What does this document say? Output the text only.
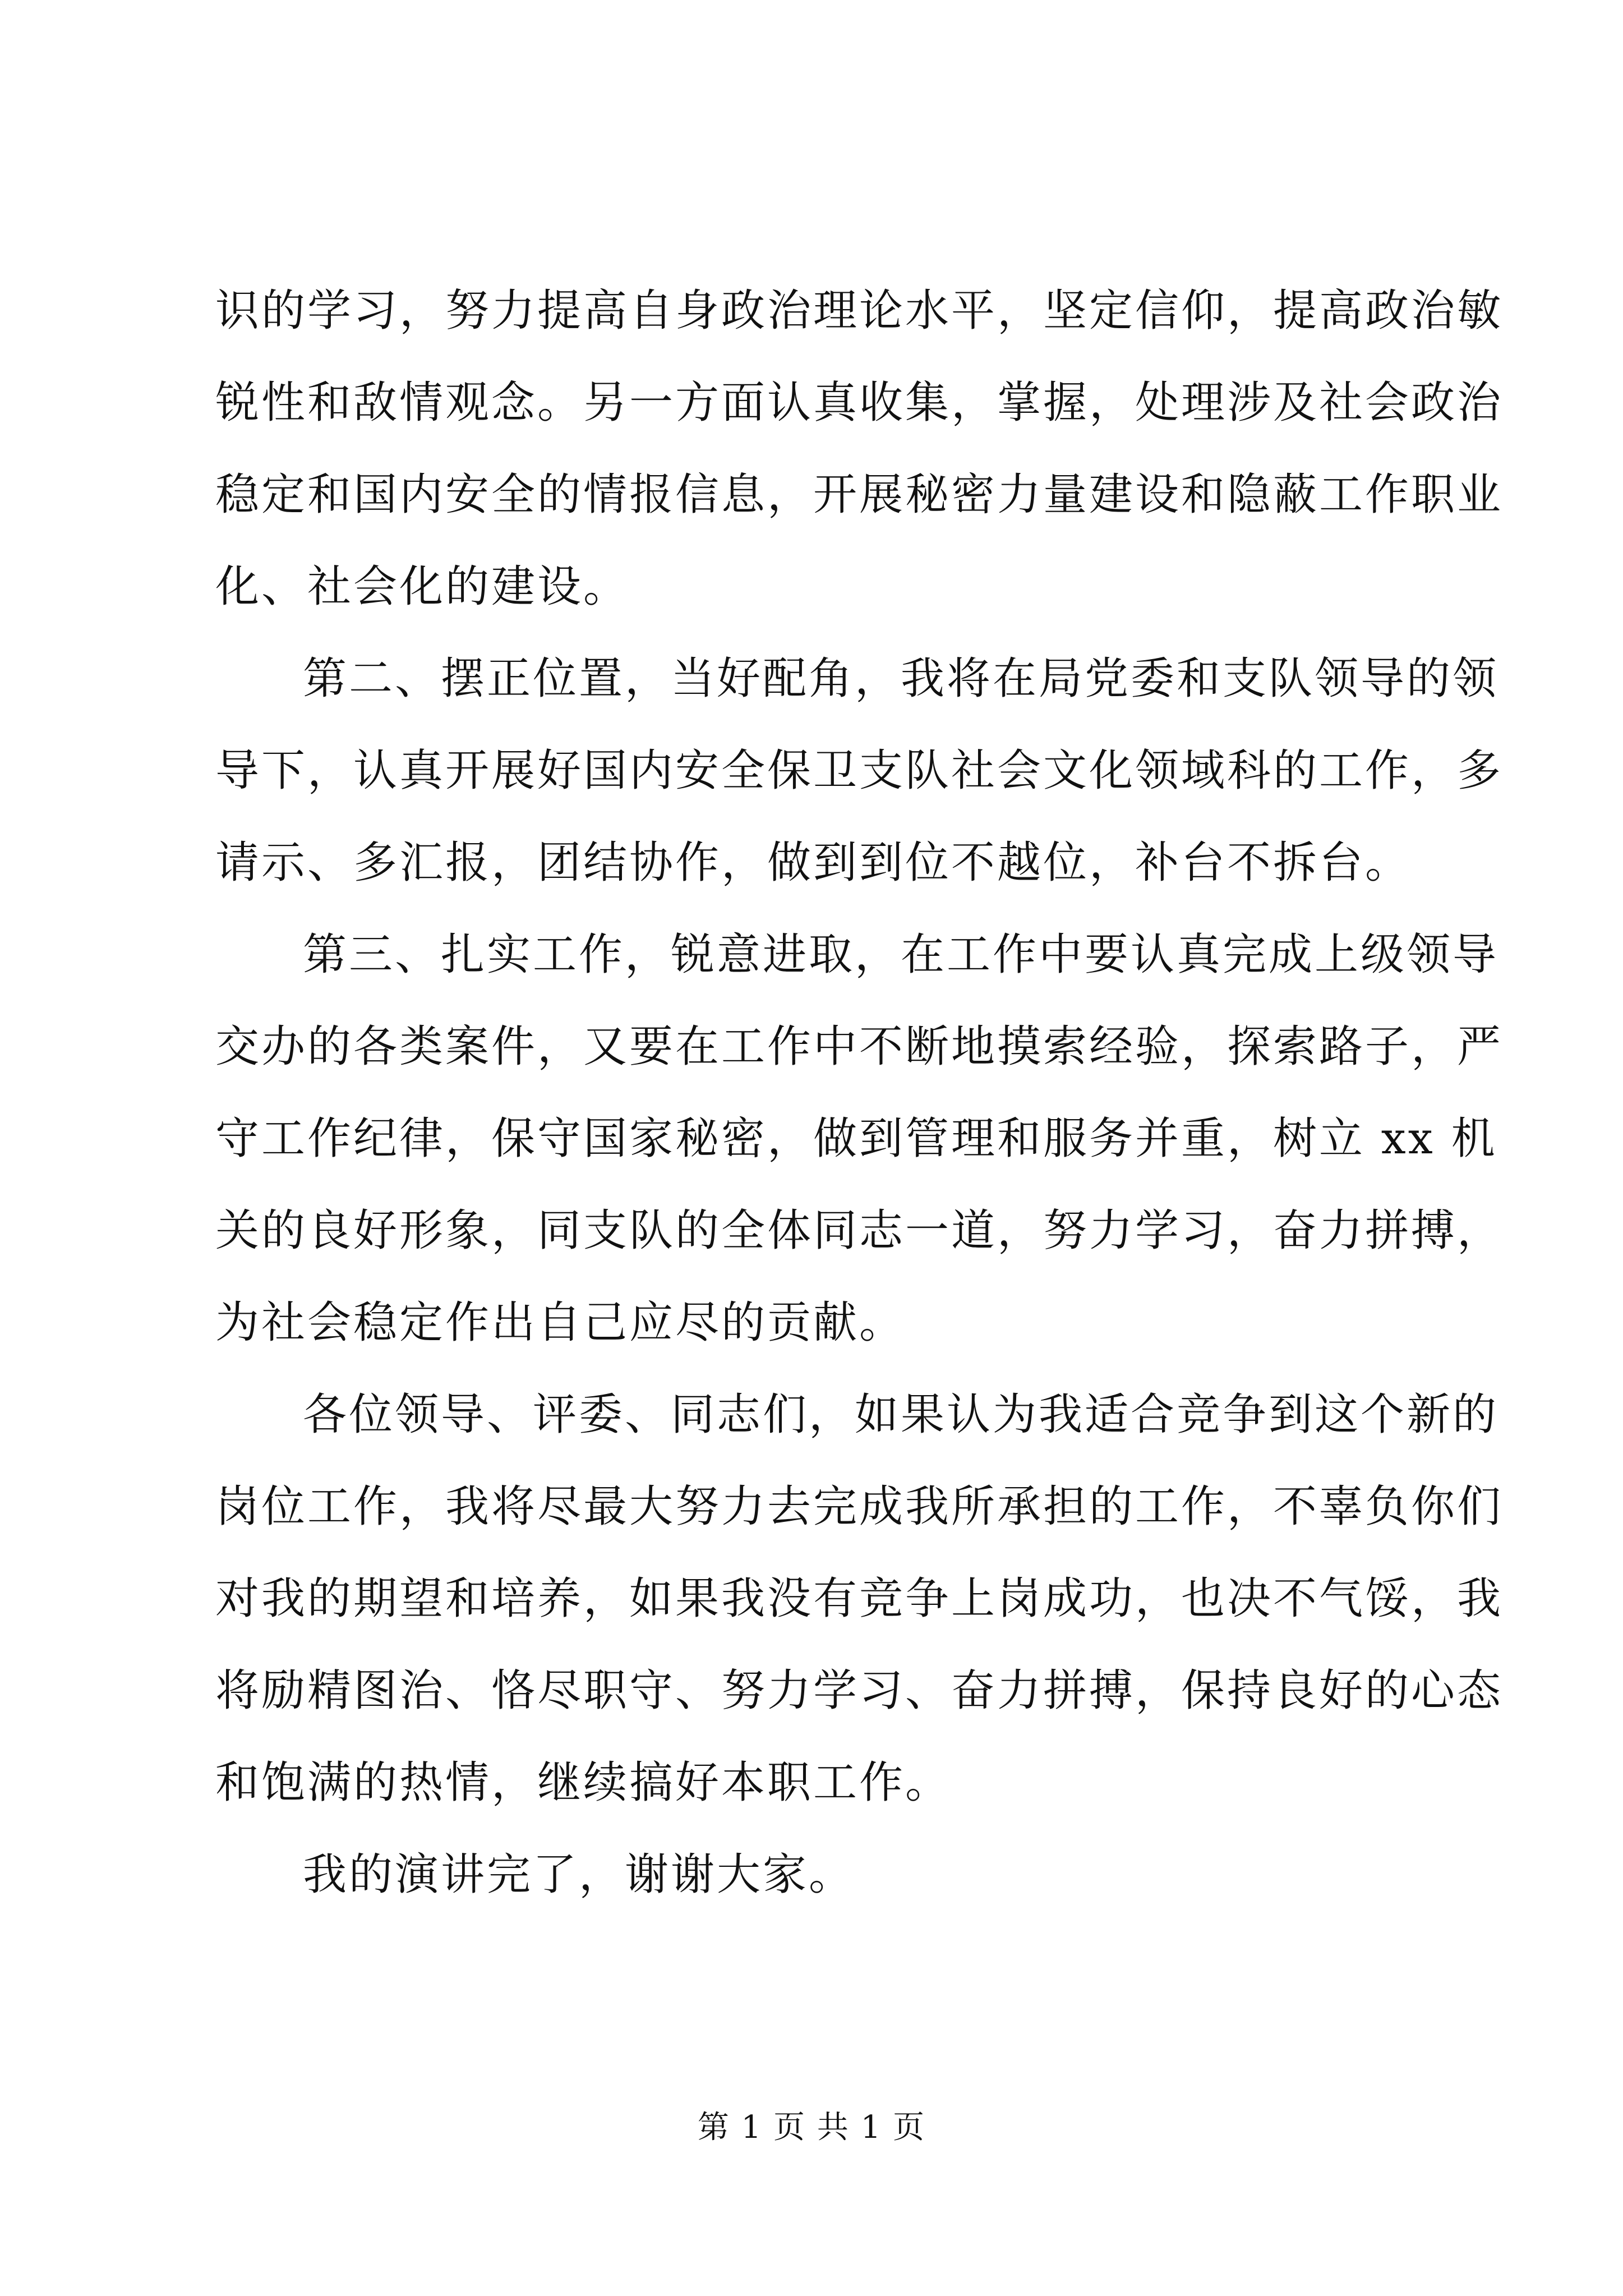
识的学习，努力提高自身政治理论水平，坚定信仰，提高政治敏
锐性和敌情观念。另一方面认真收集，掌握，处理涉及社会政治
稳定和国内安全的情报信息，开展秘密力量建设和隐蔽工作职业
化、社会化的建设。
第二、摆正位置，当好配角，我将在局党委和支队领导的领
导下，认真开展好国内安全保卫支队社会文化领域科的工作，多
请示、多汇报，团结协作，做到到位不越位，补台不拆台。
第三、扎实工作，锐意进取，在工作中要认真完成上级领导
交办的各类案件，又要在工作中不断地摸索经验，探索路子，严
守工作纪律，保守国家秘密，做到管理和服务并重，树立 xx 机
关的良好形象，同支队的全体同志一道，努力学习，奋力拼搏，
为社会稳定作出自己应尽的贡献。
各位领导、评委、同志们，如果认为我适合竞争到这个新的
岗位工作，我将尽最大努力去完成我所承担的工作，不辜负你们
对我的期望和培养，如果我没有竞争上岗成功，也决不气馁，我
将励精图治、恪尽职守、努力学习、奋力拼搏，保持良好的心态
和饱满的热情，继续搞好本职工作。
我的演讲完了，谢谢大家。
第 1 页 共 1 页
